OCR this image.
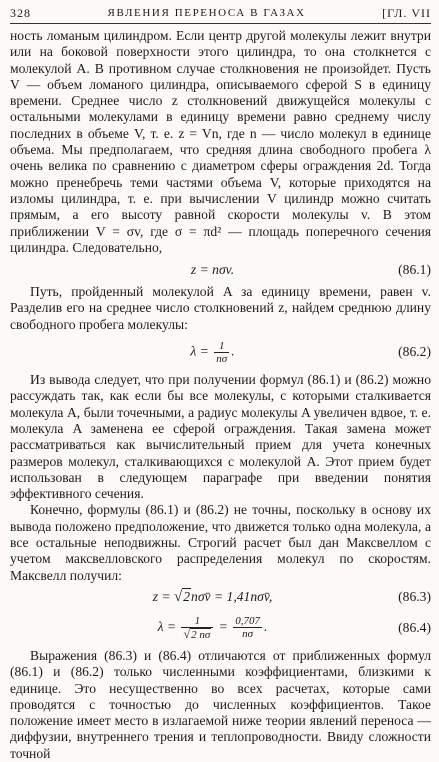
328	ЯВЛЕНИЯ ПЕРЕНОСА В ГАЗАХ	[ГЛ. VII

ность ломаным цилиндром. Если центр другой молекулы лежит внутри или на боковой поверхности этого цилиндра, то она столкнется с молекулой A. В противном случае столкновения не произойдет. Пусть V — объем ломаного цилиндра, описываемого сферой S в единицу времени. Среднее число z столкновений движущейся молекулы с остальными молекулами в единицу времени равно среднему числу последних в объеме V, т. е. z = Vn, где n — число молекул в единице объема. Мы предполагаем, что средняя длина свободного пробега λ очень велика по сравнению с диаметром сферы ограждения 2d. Тогда можно пренебречь теми частями объема V, которые приходятся на изломы цилиндра, т. е. при вычислении V цилиндр можно считать прямым, а его высоту равной скорости молекулы v. В этом приближении V = σv, где σ = πd² — площадь поперечного сечения цилиндра. Следовательно,

z = nσv.	(86.1)

Путь, пройденный молекулой A за единицу времени, равен v. Разделив его на среднее число столкновений z, найдем среднюю длину свободного пробега молекулы:

$\lambda = \frac{1}{n\sigma}$ .	(86.2)

Из вывода следует, что при получении формул (86.1) и (86.2) можно рассуждать так, как если бы все молекулы, с которыми сталкивается молекула A, были точечными, а радиус молекулы A увеличен вдвое, т. е. молекула A заменена ее сферой ограждения. Такая замена может рассматриваться как вычислительный прием для учета конечных размеров молекул, сталкивающихся с молекулой A. Этот прием будет использован в следующем параграфе при введении понятия эффективного сечения.

Конечно, формулы (86.1) и (86.2) не точны, поскольку в основу их вывода положено предположение, что движется только одна молекула, а все остальные неподвижны. Строгий расчет был дан Максвеллом с учетом максвелловского распределения молекул по скоростям. Максвелл получил:

z = √2nσv̄ = 1,41nσv̄,	(86.3)
$\lambda = \frac{1}{√2 n\sigma} = \frac{0,707}{n\sigma}$ .	(86.4)

Выражения (86.3) и (86.4) отличаются от приближенных формул (86.1) и (86.2) только численными коэффициентами, близкими к единице. Это несущественно во всех расчетах, которые сами проводятся с точностью до численных коэффициентов. Такое положение имеет место в излагаемой ниже теории явлений переноса — диффузии, внутреннего трения и теплопроводности. Ввиду сложности точной
